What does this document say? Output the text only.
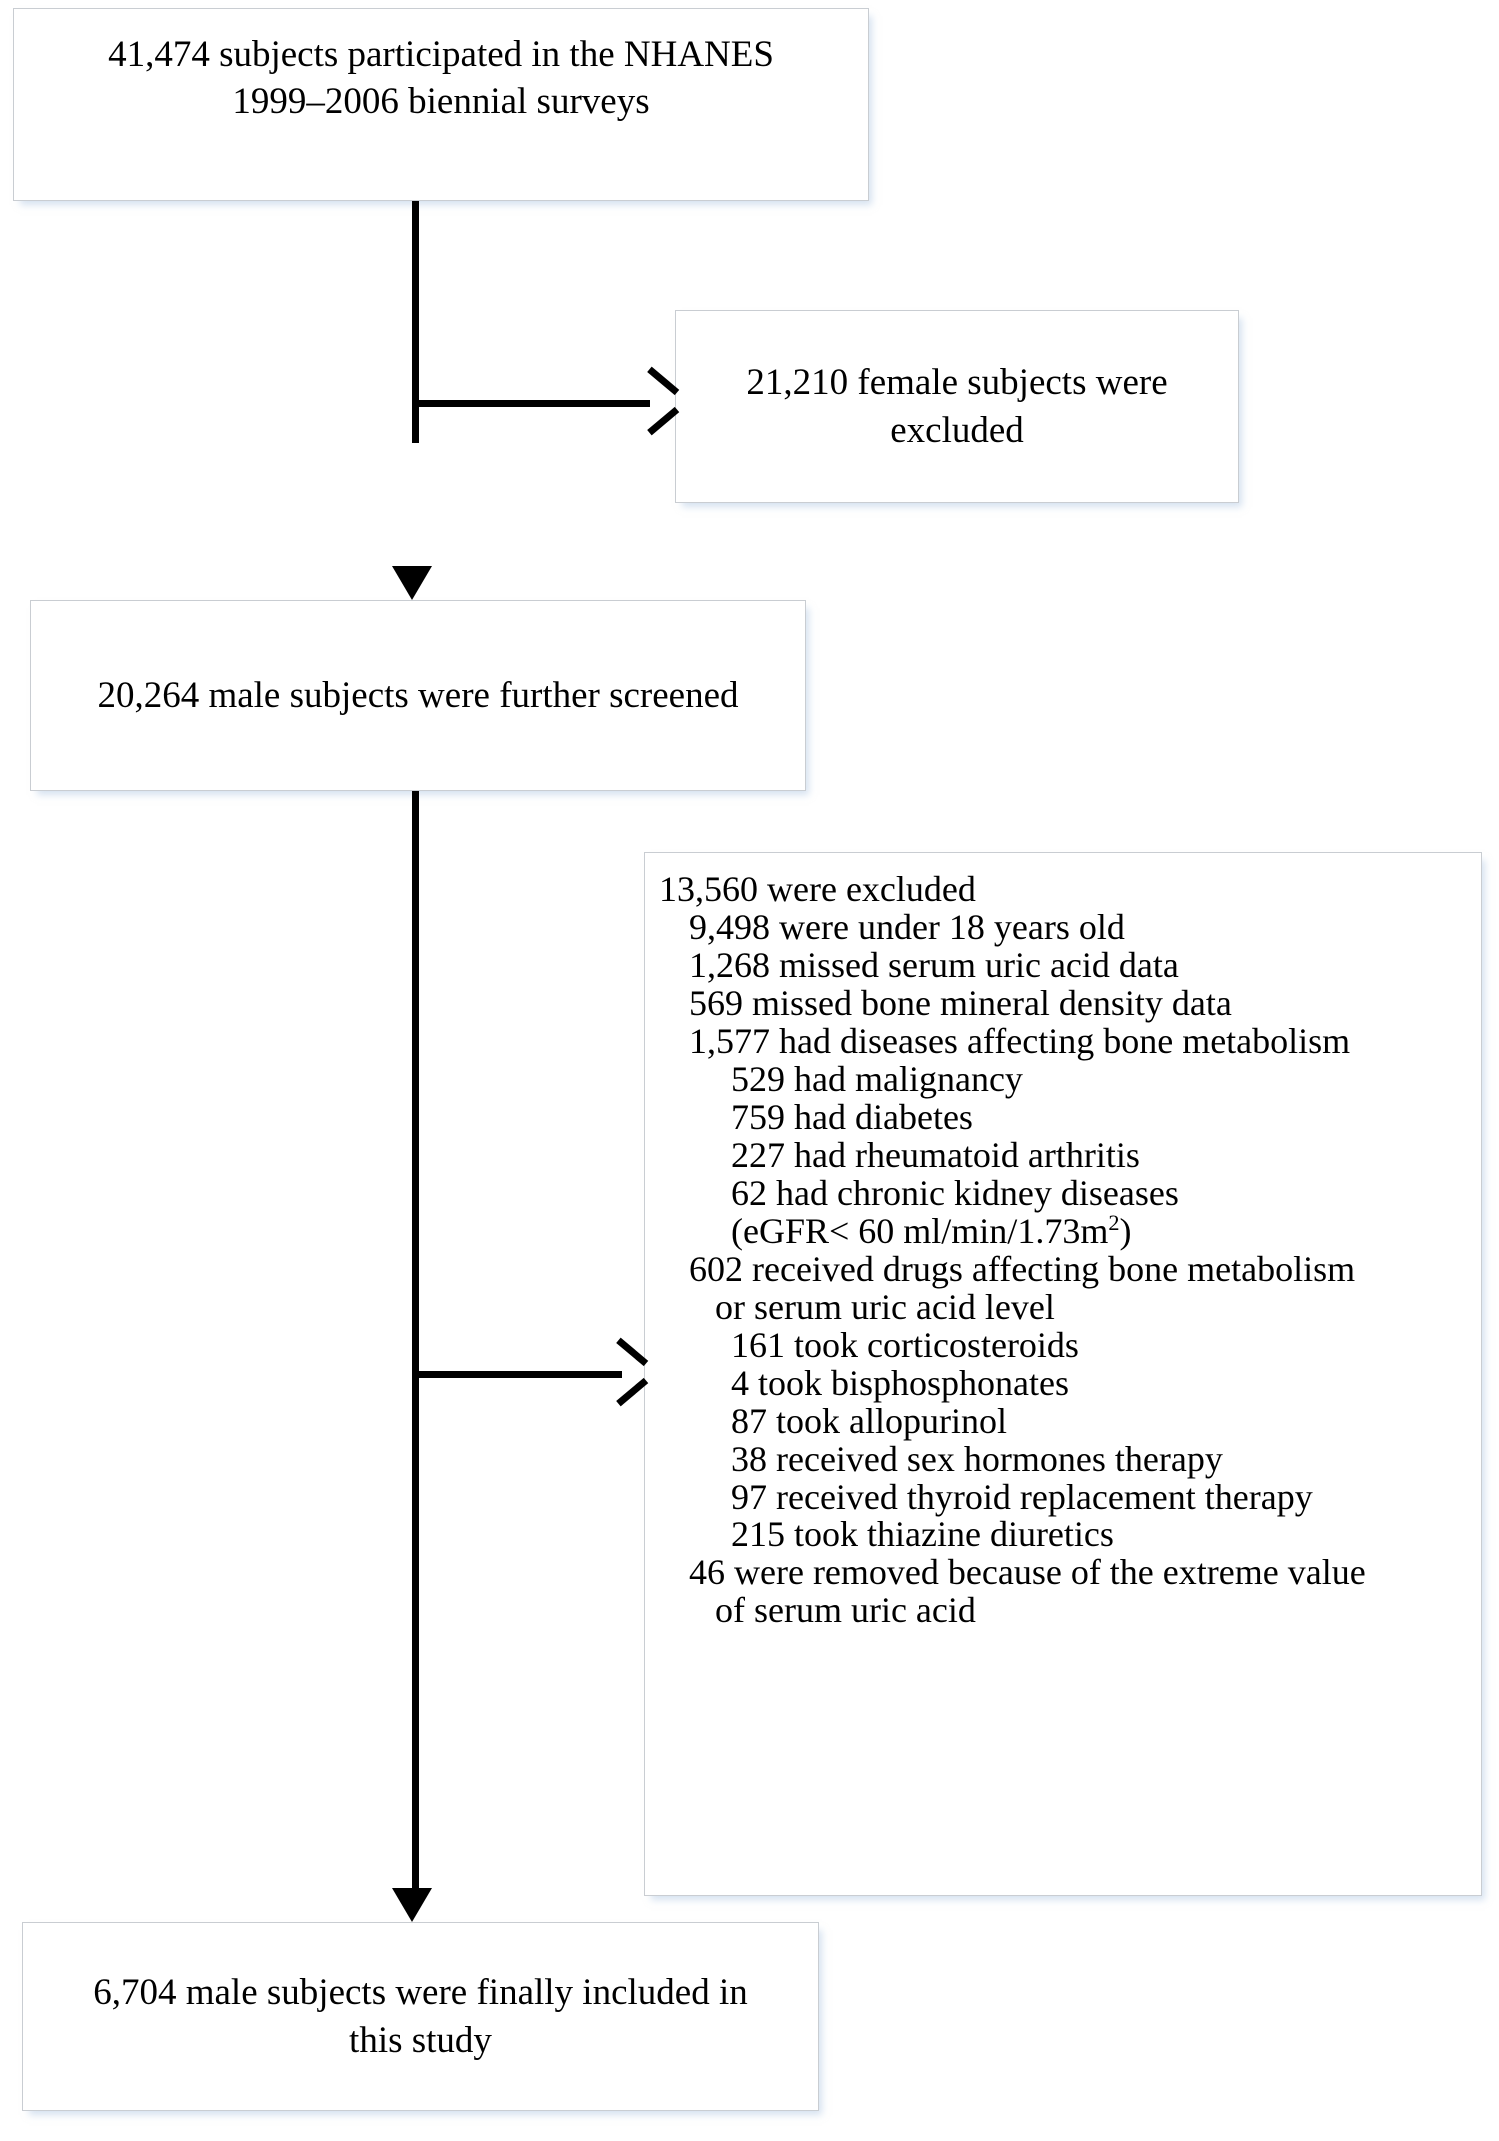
41,474 subjects participated in the NHANES
1999–2006 biennial surveys
21,210 female subjects were
excluded
20,264 male subjects were further screened
13,560 were excluded
9,498 were under 18 years old
1,268 missed serum uric acid data
569 missed bone mineral density data
1,577 had diseases affecting bone metabolism
529 had malignancy
759 had diabetes
227 had rheumatoid arthritis
62 had chronic kidney diseases
(eGFR< 60 $ml/\min/1.73m^2$)
602 received drugs affecting bone metabolism
or serum uric acid level
161 took corticosteroids
4 took bisphosphonates
87 took allopurinol
38 received sex hormones therapy
97 received thyroid replacement therapy
215 took thiazine diuretics
46 were removed because of the extreme value
of serum uric acid
6,704 male subjects were finally included in
this study
